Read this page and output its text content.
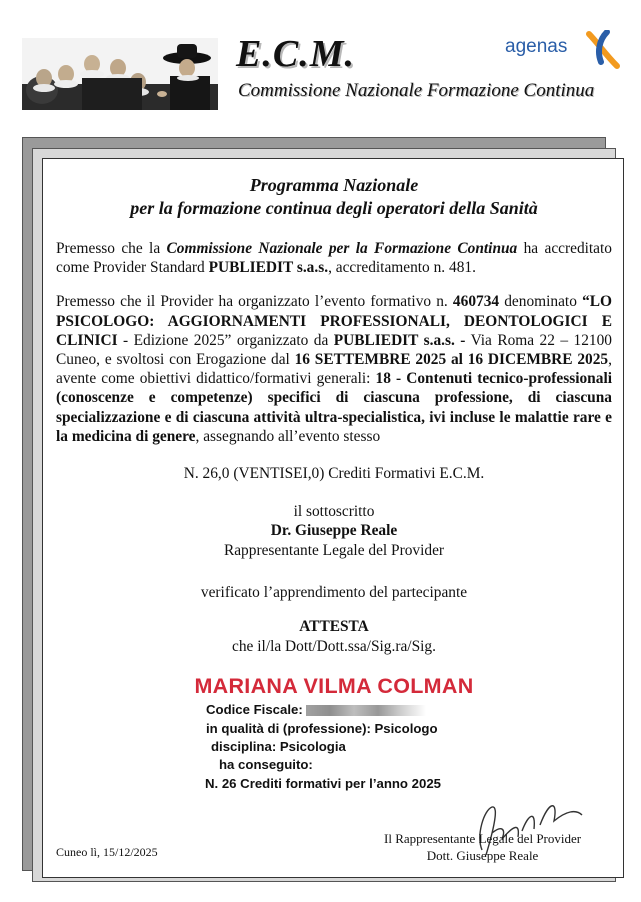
E.C.M.
Commissione Nazionale Formazione Continua
agenas
Programma Nazionale
per la formazione continua degli operatori della Sanità

Premesso che la Commissione Nazionale per la Formazione Continua ha accreditato come Provider Standard PUBLIEDIT s.a.s., accreditamento n. 481.

Premesso che il Provider ha organizzato l’evento formativo n. 460734 denominato “LO PSICOLOGO: AGGIORNAMENTI PROFESSIONALI, DEONTOLOGICI E CLINICI - Edizione 2025” organizzato da PUBLIEDIT s.a.s. - Via Roma 22 – 12100 Cuneo, e svoltosi con Erogazione dal 16 SETTEMBRE 2025 al 16 DICEMBRE 2025, avente come obiettivi didattico/formativi generali: 18 - Contenuti tecnico-professionali (conoscenze e competenze) specifici di ciascuna professione, di ciascuna specializzazione e di ciascuna attività ultra-specialistica, ivi incluse le malattie rare e la medicina di genere, assegnando all’evento stesso

N. 26,0 (VENTISEI,0) Crediti Formativi E.C.M.
il sottoscritto
Dr. Giuseppe Reale
Rappresentante Legale del Provider
verificato l’apprendimento del partecipante
ATTESTA
che il/la Dott/Dott.ssa/Sig.ra/Sig.
MARIANA VILMA COLMAN
Codice Fiscale:
in qualità di (professione): Psicologo
disciplina: Psicologia
ha conseguito:
N. 26 Crediti formativi per l’anno 2025
Cuneo lì, 15/12/2025
Il Rappresentante Legale del Provider
Dott. Giuseppe Reale
